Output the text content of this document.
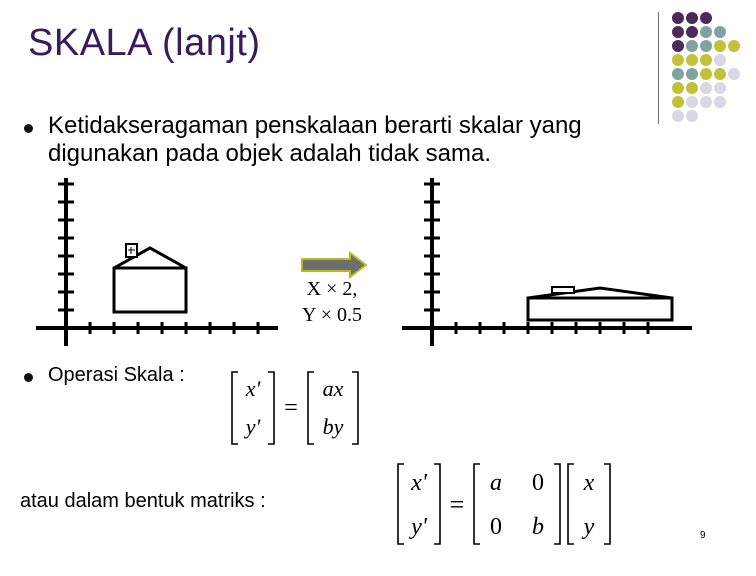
SKALA (lanjt)
Ketidakseragaman penskalaan berarti skalar yang
digunakan pada objek adalah tidak sama.
X × 2,
Y × 0.5
Operasi Skala :
x'
y'
=
ax
by
atau dalam bentuk matriks :
x'
y'
=
a 0
0 b
x
y	9
